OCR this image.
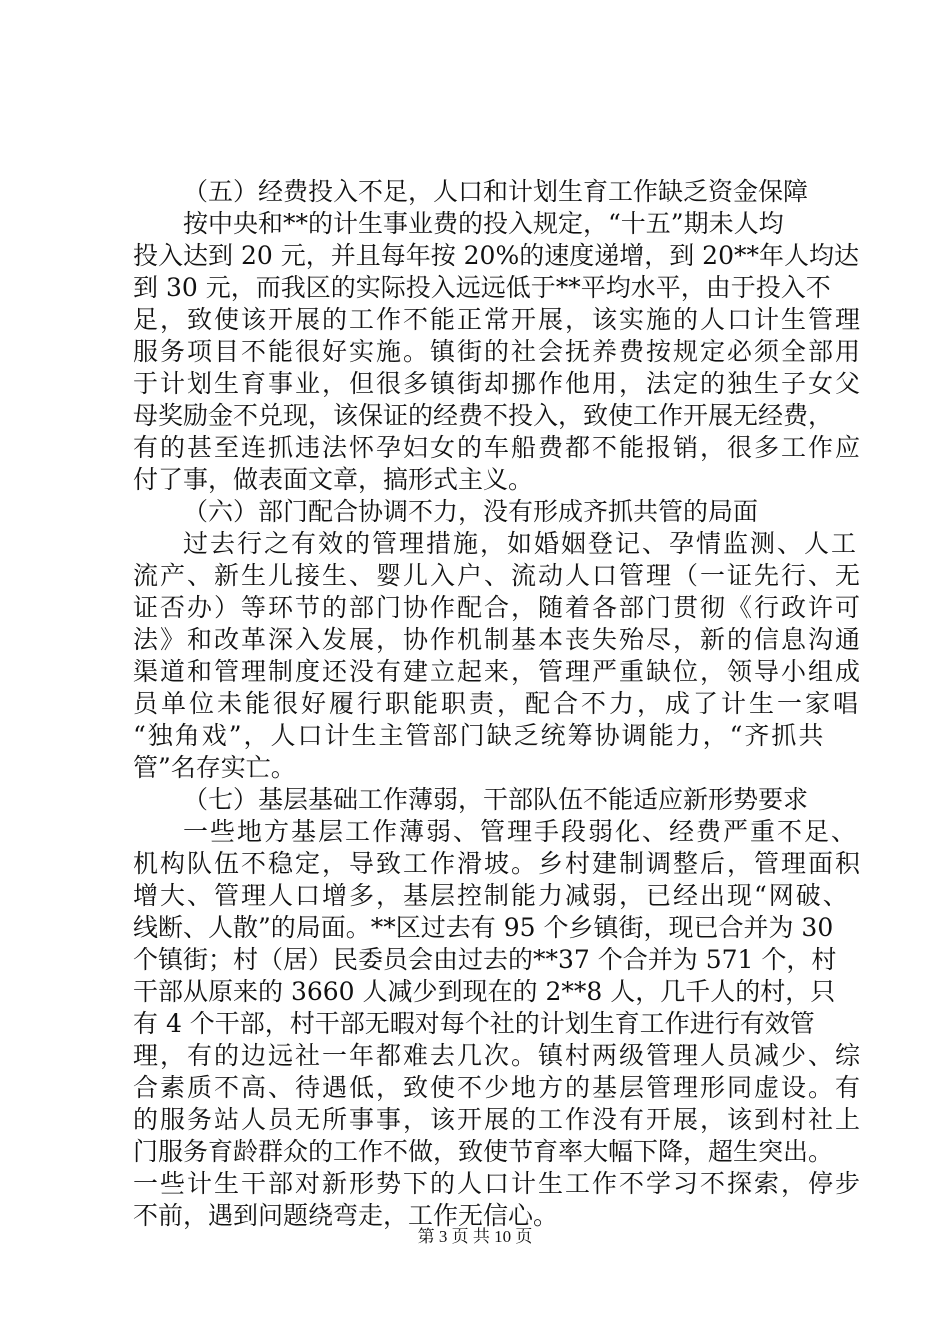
（五）经费投入不足，人口和计划生育工作缺乏资金保障

按中央和**的计生事业费的投入规定，“十五”期未人均

投入达到 20 元，并且每年按 20%的速度递增，到 20**年人均达

到 30 元，而我区的实际投入远远低于**平均水平，由于投入不

足，致使该开展的工作不能正常开展，该实施的人口计生管理

服务项目不能很好实施。镇街的社会抚养费按规定必须全部用

于计划生育事业，但很多镇街却挪作他用，法定的独生子女父

母奖励金不兑现，该保证的经费不投入，致使工作开展无经费，

有的甚至连抓违法怀孕妇女的车船费都不能报销，很多工作应

付了事，做表面文章，搞形式主义。

（六）部门配合协调不力，没有形成齐抓共管的局面

过去行之有效的管理措施，如婚姻登记、孕情监测、人工

流产、新生儿接生、婴儿入户、流动人口管理（一证先行、无

证否办）等环节的部门协作配合，随着各部门贯彻《行政许可

法》和改革深入发展，协作机制基本丧失殆尽，新的信息沟通

渠道和管理制度还没有建立起来，管理严重缺位，领导小组成

员单位未能很好履行职能职责，配合不力，成了计生一家唱

“独角戏”，人口计生主管部门缺乏统筹协调能力，“齐抓共

管”名存实亡。

（七）基层基础工作薄弱，干部队伍不能适应新形势要求

一些地方基层工作薄弱、管理手段弱化、经费严重不足、

机构队伍不稳定，导致工作滑坡。乡村建制调整后，管理面积

增大、管理人口增多，基层控制能力减弱，已经出现“网破、

线断、人散”的局面。**区过去有 95 个乡镇街，现已合并为 30

个镇街；村（居）民委员会由过去的**37 个合并为 571 个，村

干部从原来的 3660 人减少到现在的 2**8 人，几千人的村，只

有 4 个干部，村干部无暇对每个社的计划生育工作进行有效管

理，有的边远社一年都难去几次。镇村两级管理人员减少、综

合素质不高、待遇低，致使不少地方的基层管理形同虚设。有

的服务站人员无所事事，该开展的工作没有开展，该到村社上

门服务育龄群众的工作不做，致使节育率大幅下降，超生突出。

一些计生干部对新形势下的人口计生工作不学习不探索，停步

不前，遇到问题绕弯走，工作无信心。

第 3 页 共 10 页
